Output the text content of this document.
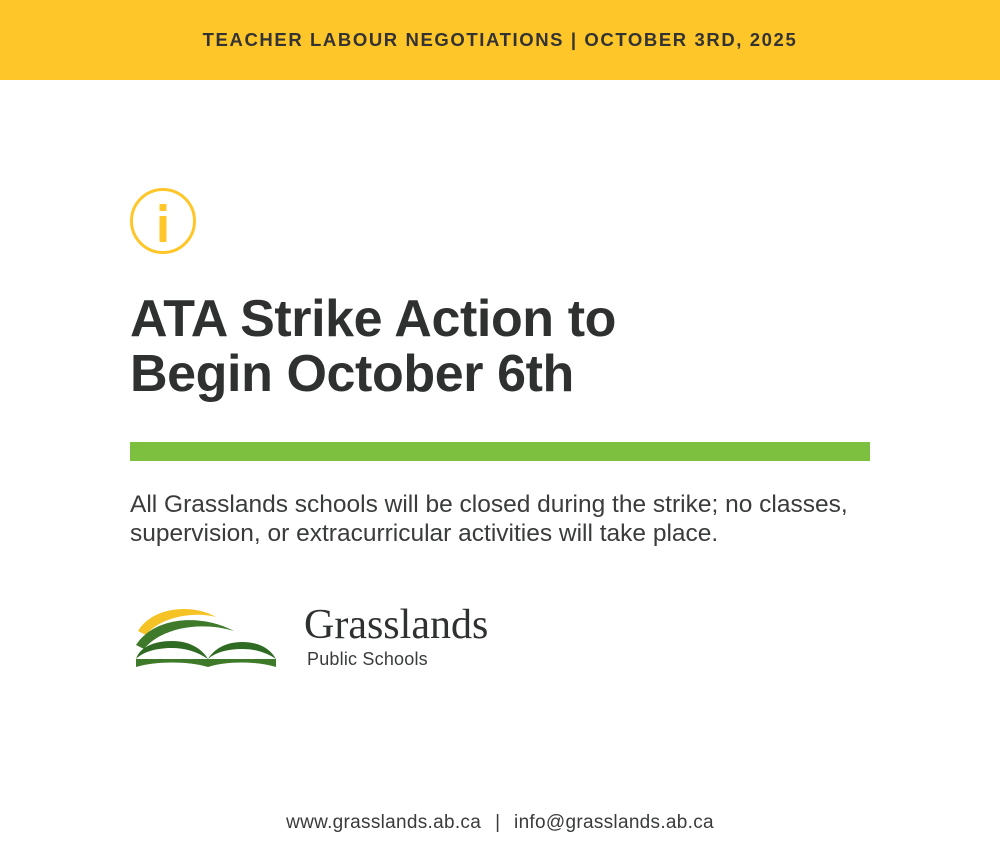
TEACHER LABOUR NEGOTIATIONS | OCTOBER 3RD, 2025
ATA Strike Action to
Begin October 6th
All Grasslands schools will be closed during the strike; no classes, supervision, or extracurricular activities will take place.
Grasslands
Public Schools
www.grasslands.ab.ca | info@grasslands.ab.ca
